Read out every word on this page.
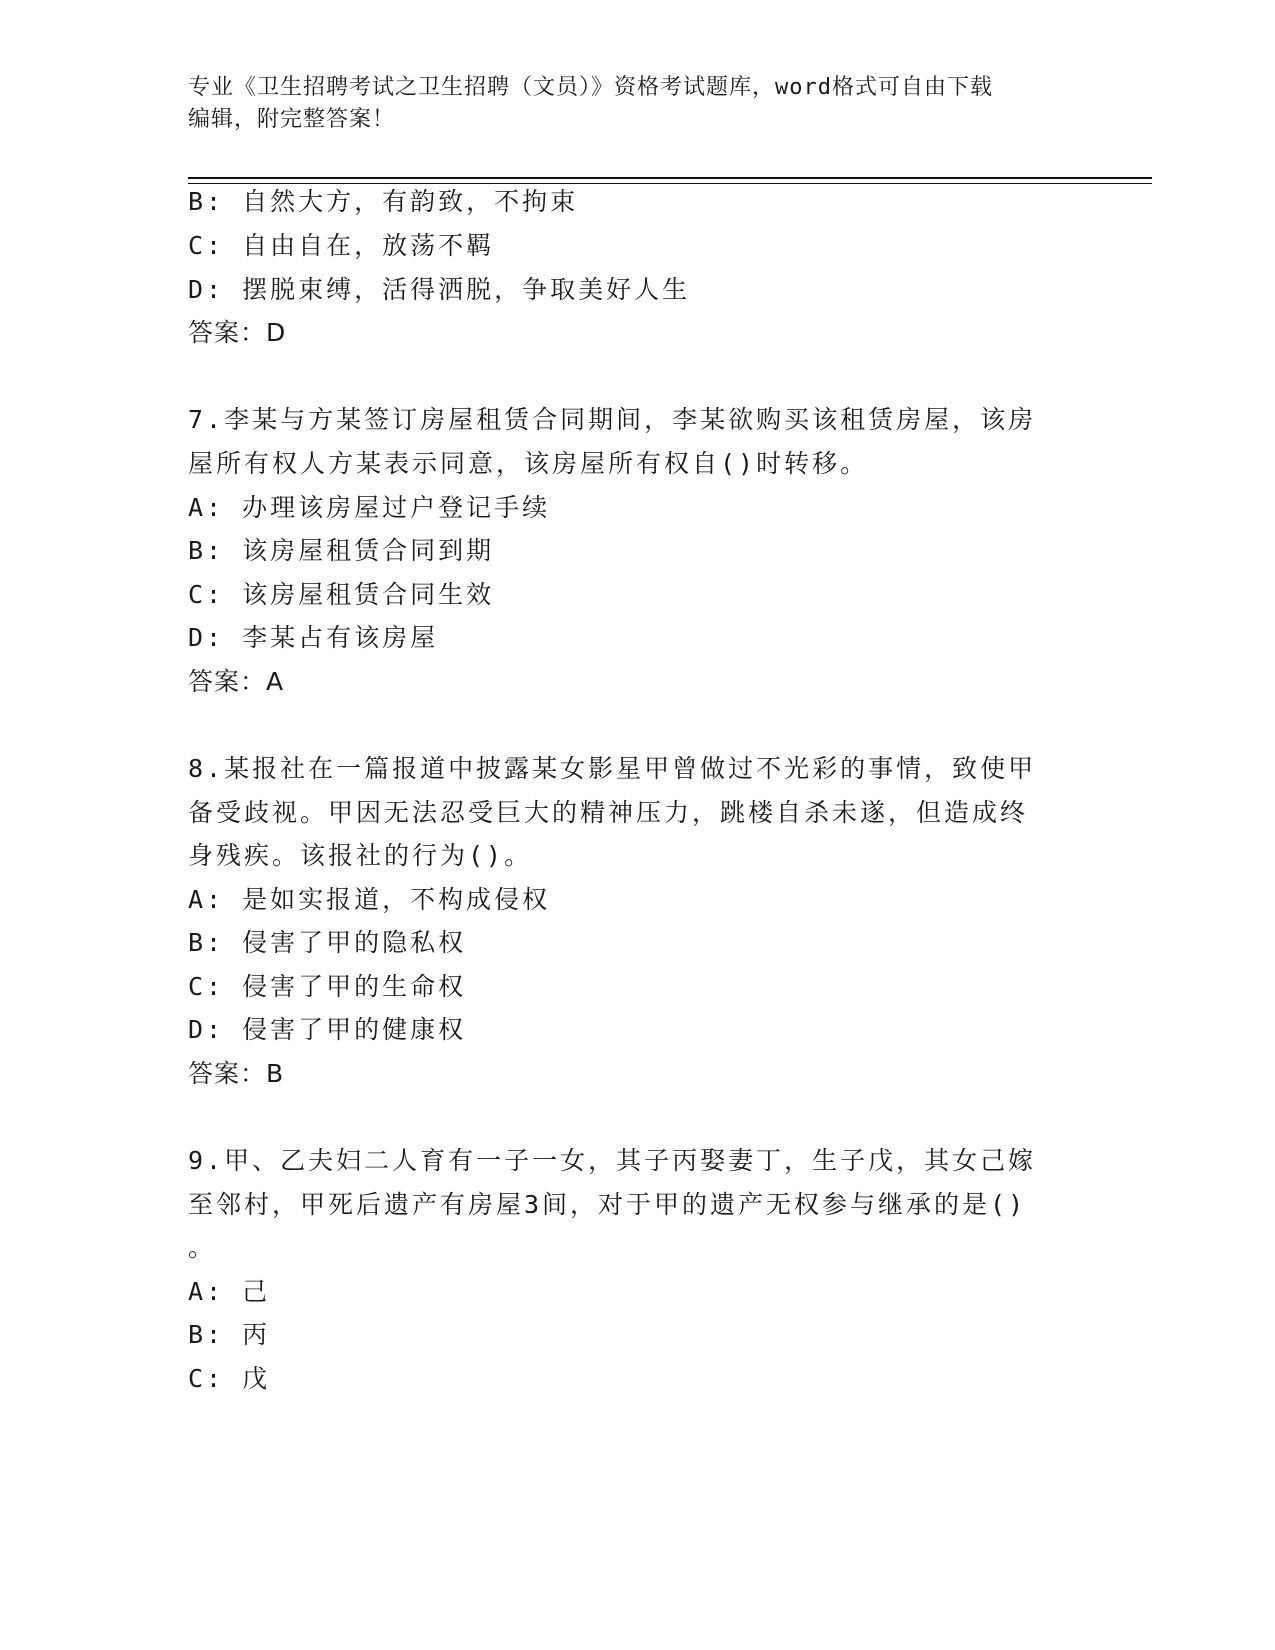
专业《卫生招聘考试之卫生招聘（文员）》资格考试题库，word格式可自由下载
编辑，附完整答案！
B: 自然大方，有韵致，不拘束
C: 自由自在，放荡不羁
D: 摆脱束缚，活得洒脱，争取美好人生
答案：D
7.李某与方某签订房屋租赁合同期间，李某欲购买该租赁房屋，该房
屋所有权人方某表示同意，该房屋所有权自()时转移。
A: 办理该房屋过户登记手续
B: 该房屋租赁合同到期
C: 该房屋租赁合同生效
D: 李某占有该房屋
答案：A
8.某报社在一篇报道中披露某女影星甲曾做过不光彩的事情，致使甲
备受歧视。甲因无法忍受巨大的精神压力，跳楼自杀未遂，但造成终
身残疾。该报社的行为()。
A: 是如实报道，不构成侵权
B: 侵害了甲的隐私权
C: 侵害了甲的生命权
D: 侵害了甲的健康权
答案：B
9.甲、乙夫妇二人育有一子一女，其子丙娶妻丁，生子戊，其女己嫁
至邻村，甲死后遗产有房屋3间，对于甲的遗产无权参与继承的是()
。
A: 己
B: 丙
C: 戊
